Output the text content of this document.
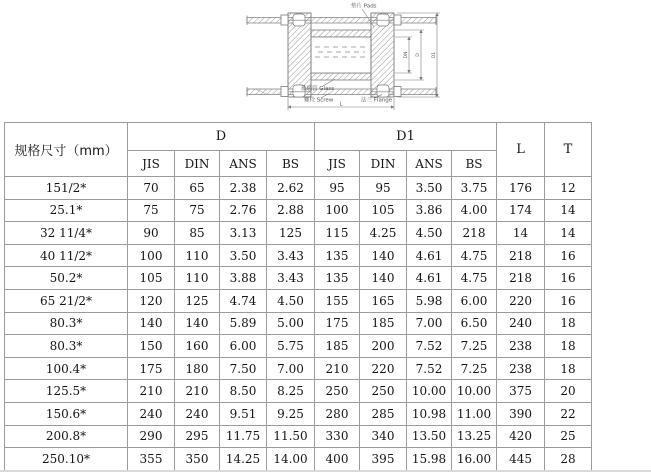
DN D D1
L
垫片 Pads
玻璃管 Glass
螺栓 Screw	法兰 Flange
规格尺寸（mm）	D				D1				L	T
	JIS	DIN	ANS	BS	JIS	DIN	ANS	BS		
151/2*	70	65	2.38	2.62	95	95	3.50	3.75	176	12
25.1*	75	75	2.76	2.88	100	105	3.86	4.00	174	14
32 11/4*	90	85	3.13	125	115	4.25	4.50	218	14	14
40 11/2*	100	110	3.50	3.43	135	140	4.61	4.75	218	16
50.2*	105	110	3.88	3.43	135	140	4.61	4.75	218	16
65 21/2*	120	125	4.74	4.50	155	165	5.98	6.00	220	16
80.3*	140	140	5.89	5.00	175	185	7.00	6.50	240	18
80.3*	150	160	6.00	5.75	185	200	7.52	7.25	238	18
100.4*	175	180	7.50	7.00	210	220	7.52	7.25	238	18
125.5*	210	210	8.50	8.25	250	250	10.00	10.00	375	20
150.6*	240	240	9.51	9.25	280	285	10.98	11.00	390	22
200.8*	290	295	11.75	11.50	330	340	13.50	13.25	420	25
250.10*	355	350	14.25	14.00	400	395	15.98	16.00	445	28
